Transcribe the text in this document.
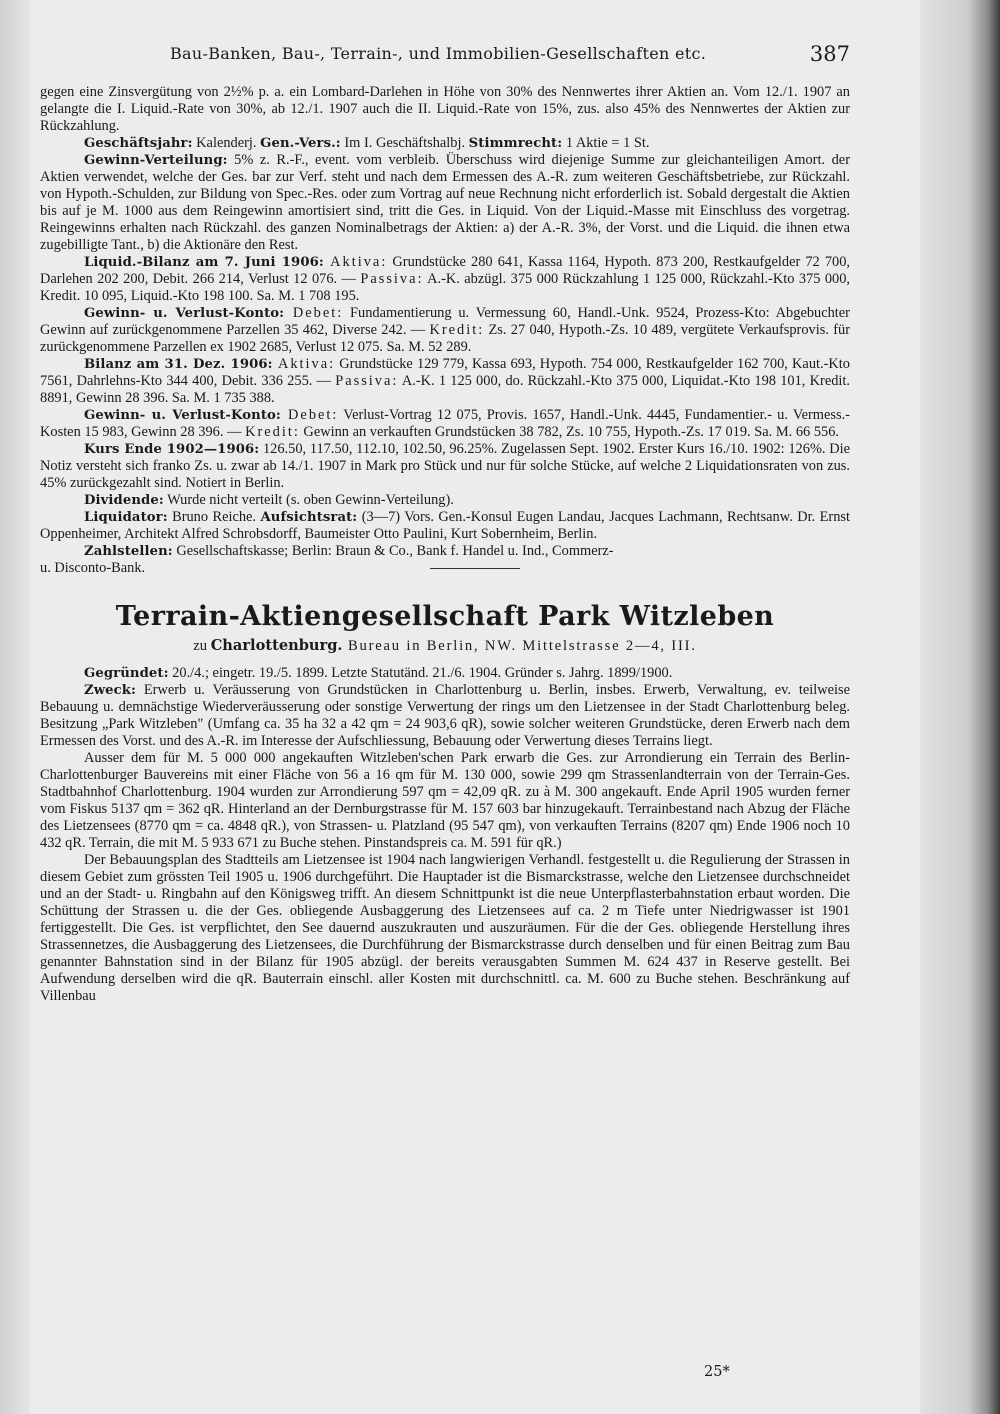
Bau-Banken, Bau-, Terrain-, und Immobilien-Gesellschaften etc.	387

gegen eine Zinsvergütung von 2½% p. a. ein Lombard-Darlehen in Höhe von 30% des Nennwertes ihrer Aktien an. Vom 12./1. 1907 an gelangte die I. Liquid.-Rate von 30%, ab 12./1. 1907 auch die II. Liquid.-Rate von 15%, zus. also 45% des Nennwertes der Aktien zur Rückzahlung.

Geschäftsjahr: Kalenderj. Gen.-Vers.: Im I. Geschäftshalbj. Stimmrecht: 1 Aktie = 1 St.

Gewinn-Verteilung: 5% z. R.-F., event. vom verbleib. Überschuss wird diejenige Summe zur gleichanteiligen Amort. der Aktien verwendet, welche der Ges. bar zur Verf. steht und nach dem Ermessen des A.-R. zum weiteren Geschäftsbetriebe, zur Rückzahl. von Hypoth.-Schulden, zur Bildung von Spec.-Res. oder zum Vortrag auf neue Rechnung nicht erforderlich ist. Sobald dergestalt die Aktien bis auf je M. 1000 aus dem Reingewinn amortisiert sind, tritt die Ges. in Liquid. Von der Liquid.-Masse mit Einschluss des vorgetrag. Reingewinns erhalten nach Rückzahl. des ganzen Nominalbetrags der Aktien: a) der A.-R. 3%, der Vorst. und die Liquid. die ihnen etwa zugebilligte Tant., b) die Aktionäre den Rest.

Liquid.-Bilanz am 7. Juni 1906: Aktiva: Grundstücke 280 641, Kassa 1164, Hypoth. 873 200, Restkaufgelder 72 700, Darlehen 202 200, Debit. 266 214, Verlust 12 076. — Passiva: A.-K. abzügl. 375 000 Rückzahlung 1 125 000, Rückzahl.-Kto 375 000, Kredit. 10 095, Liquid.-Kto 198 100. Sa. M. 1 708 195.

Gewinn- u. Verlust-Konto: Debet: Fundamentierung u. Vermessung 60, Handl.-Unk. 9524, Prozess-Kto: Abgebuchter Gewinn auf zurückgenommene Parzellen 35 462, Diverse 242. — Kredit: Zs. 27 040, Hypoth.-Zs. 10 489, vergütete Verkaufsprovis. für zurückgenommene Parzellen ex 1902 2685, Verlust 12 075. Sa. M. 52 289.

Bilanz am 31. Dez. 1906: Aktiva: Grundstücke 129 779, Kassa 693, Hypoth. 754 000, Restkaufgelder 162 700, Kaut.-Kto 7561, Dahrlehns-Kto 344 400, Debit. 336 255. — Passiva: A.-K. 1 125 000, do. Rückzahl.-Kto 375 000, Liquidat.-Kto 198 101, Kredit. 8891, Gewinn 28 396. Sa. M. 1 735 388.

Gewinn- u. Verlust-Konto: Debet: Verlust-Vortrag 12 075, Provis. 1657, Handl.-Unk. 4445, Fundamentier.- u. Vermess.-Kosten 15 983, Gewinn 28 396. — Kredit: Gewinn an verkauften Grundstücken 38 782, Zs. 10 755, Hypoth.-Zs. 17 019. Sa. M. 66 556.

Kurs Ende 1902—1906: 126.50, 117.50, 112.10, 102.50, 96.25%. Zugelassen Sept. 1902. Erster Kurs 16./10. 1902: 126%. Die Notiz versteht sich franko Zs. u. zwar ab 14./1. 1907 in Mark pro Stück und nur für solche Stücke, auf welche 2 Liquidationsraten von zus. 45% zurückgezahlt sind. Notiert in Berlin.

Dividende: Wurde nicht verteilt (s. oben Gewinn-Verteilung).

Liquidator: Bruno Reiche. Aufsichtsrat: (3—7) Vors. Gen.-Konsul Eugen Landau, Jacques Lachmann, Rechtsanw. Dr. Ernst Oppenheimer, Architekt Alfred Schrobsdorff, Baumeister Otto Paulini, Kurt Sobernheim, Berlin.

Zahlstellen: Gesellschaftskasse; Berlin: Braun & Co., Bank f. Handel u. Ind., Commerz-

u. Disconto-Bank.
Terrain-Aktiengesellschaft Park Witzleben
zu Charlottenburg. Bureau in Berlin, NW. Mittelstrasse 2—4, III.

Gegründet: 20./4.; eingetr. 19./5. 1899. Letzte Statutänd. 21./6. 1904. Gründer s. Jahrg. 1899/1900.

Zweck: Erwerb u. Veräusserung von Grundstücken in Charlottenburg u. Berlin, insbes. Erwerb, Verwaltung, ev. teilweise Bebauung u. demnächstige Wiederveräusserung oder sonstige Verwertung der rings um den Lietzensee in der Stadt Charlottenburg beleg. Besitzung „Park Witzleben" (Umfang ca. 35 ha 32 a 42 qm = 24 903,6 qR), sowie solcher weiteren Grundstücke, deren Erwerb nach dem Ermessen des Vorst. und des A.-R. im Interesse der Aufschliessung, Bebauung oder Verwertung dieses Terrains liegt.

Ausser dem für M. 5 000 000 angekauften Witzleben'schen Park erwarb die Ges. zur Arrondierung ein Terrain des Berlin-Charlottenburger Bauvereins mit einer Fläche von 56 a 16 qm für M. 130 000, sowie 299 qm Strassenlandterrain von der Terrain-Ges. Stadtbahnhof Charlottenburg. 1904 wurden zur Arrondierung 597 qm = 42,09 qR. zu à M. 300 angekauft. Ende April 1905 wurden ferner vom Fiskus 5137 qm = 362 qR. Hinterland an der Dernburgstrasse für M. 157 603 bar hinzugekauft. Terrainbestand nach Abzug der Fläche des Lietzensees (8770 qm = ca. 4848 qR.), von Strassen- u. Platzland (95 547 qm), von verkauften Terrains (8207 qm) Ende 1906 noch 10 432 qR. Terrain, die mit M. 5 933 671 zu Buche stehen. Pinstandspreis ca. M. 591 für qR.)

Der Bebauungsplan des Stadtteils am Lietzensee ist 1904 nach langwierigen Verhandl. festgestellt u. die Regulierung der Strassen in diesem Gebiet zum grössten Teil 1905 u. 1906 durchgeführt. Die Hauptader ist die Bismarckstrasse, welche den Lietzensee durchschneidet und an der Stadt- u. Ringbahn auf den Königsweg trifft. An diesem Schnittpunkt ist die neue Unterpflasterbahnstation erbaut worden. Die Schüttung der Strassen u. die der Ges. obliegende Ausbaggerung des Lietzensees auf ca. 2 m Tiefe unter Niedrigwasser ist 1901 fertiggestellt. Die Ges. ist verpflichtet, den See dauernd auszukrauten und auszuräumen. Für die der Ges. obliegende Herstellung ihres Strassennetzes, die Ausbaggerung des Lietzensees, die Durchführung der Bismarckstrasse durch denselben und für einen Beitrag zum Bau genannter Bahnstation sind in der Bilanz für 1905 abzügl. der bereits verausgabten Summen M. 624 437 in Reserve gestellt. Bei Aufwendung derselben wird die qR. Bauterrain einschl. aller Kosten mit durchschnittl. ca. M. 600 zu Buche stehen. Beschränkung auf Villenbau

25*
